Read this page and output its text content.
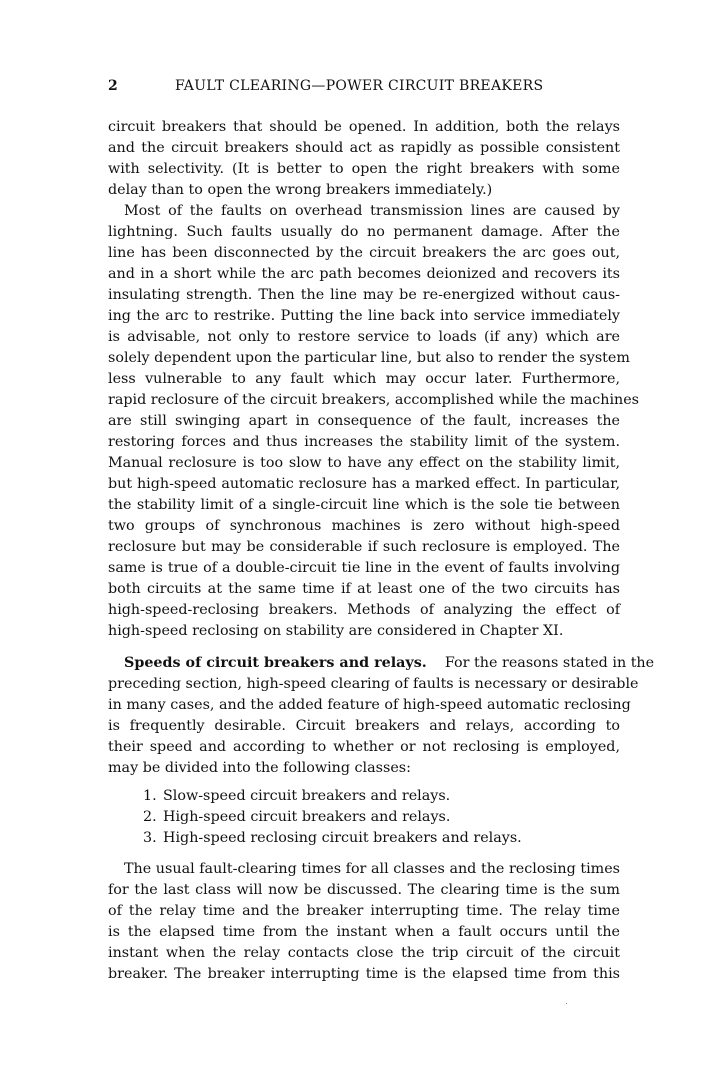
2	FAULT CLEARING—POWER CIRCUIT BREAKERS
circuit breakers that should be opened. In addition, both the relays
and the circuit breakers should act as rapidly as possible consistent
with selectivity. (It is better to open the right breakers with some
delay than to open the wrong breakers immediately.)
Most of the faults on overhead transmission lines are caused by
lightning. Such faults usually do no permanent damage. After the
line has been disconnected by the circuit breakers the arc goes out,
and in a short while the arc path becomes deionized and recovers its
insulating strength. Then the line may be re-energized without caus-
ing the arc to restrike. Putting the line back into service immediately
is advisable, not only to restore service to loads (if any) which are
solely dependent upon the particular line, but also to render the system
less vulnerable to any fault which may occur later. Furthermore,
rapid reclosure of the circuit breakers, accomplished while the machines
are still swinging apart in consequence of the fault, increases the
restoring forces and thus increases the stability limit of the system.
Manual reclosure is too slow to have any effect on the stability limit,
but high-speed automatic reclosure has a marked effect. In particular,
the stability limit of a single-circuit line which is the sole tie between
two groups of synchronous machines is zero without high-speed
reclosure but may be considerable if such reclosure is employed. The
same is true of a double-circuit tie line in the event of faults involving
both circuits at the same time if at least one of the two circuits has
high-speed-reclosing breakers. Methods of analyzing the effect of
high-speed reclosing on stability are considered in Chapter XI.
Speeds of circuit breakers and relays. For the reasons stated in the
preceding section, high-speed clearing of faults is necessary or desirable
in many cases, and the added feature of high-speed automatic reclosing
is frequently desirable. Circuit breakers and relays, according to
their speed and according to whether or not reclosing is employed,
may be divided into the following classes:
1. Slow-speed circuit breakers and relays.
2. High-speed circuit breakers and relays.
3. High-speed reclosing circuit breakers and relays.
The usual fault-clearing times for all classes and the reclosing times
for the last class will now be discussed. The clearing time is the sum
of the relay time and the breaker interrupting time. The relay time
is the elapsed time from the instant when a fault occurs until the
instant when the relay contacts close the trip circuit of the circuit
breaker. The breaker interrupting time is the elapsed time from this
